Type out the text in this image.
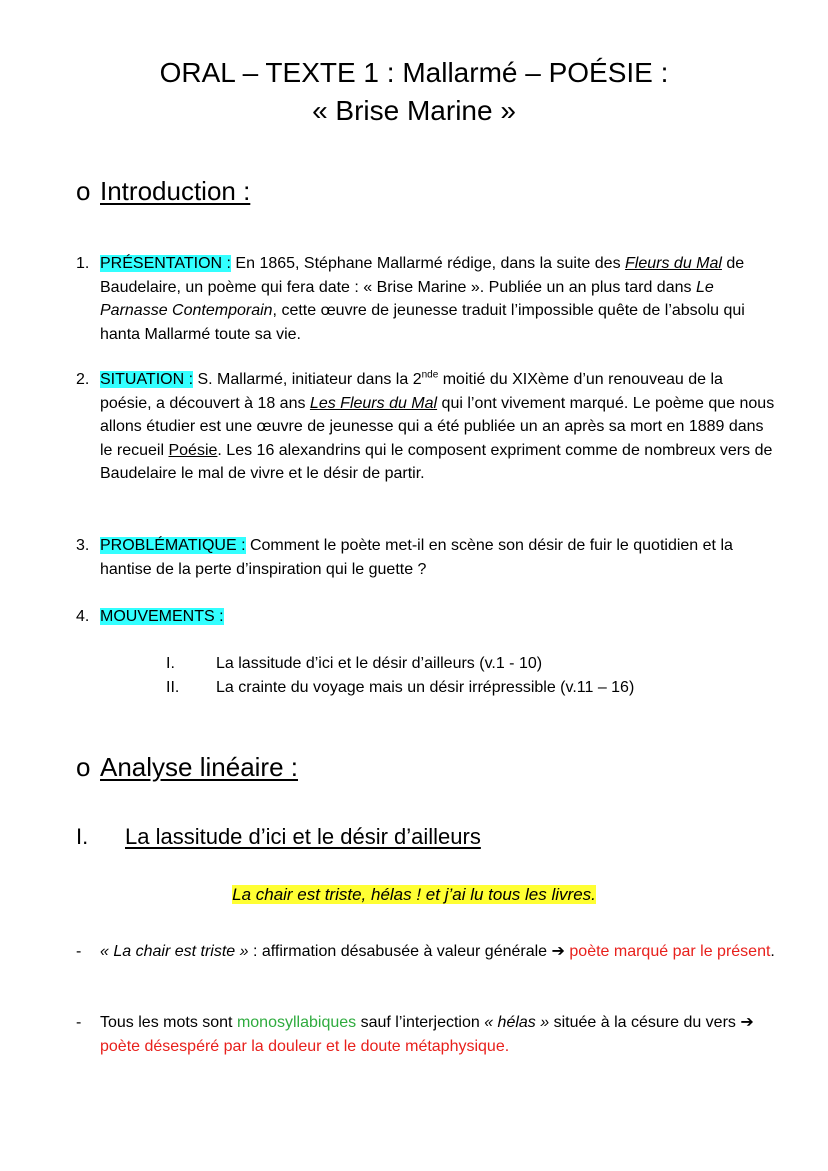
ORAL – TEXTE 1 : Mallarmé – POÉSIE :
« Brise Marine »
o Introduction :
1. PRÉSENTATION : En 1865, Stéphane Mallarmé rédige, dans la suite des Fleurs du Mal de Baudelaire, un poème qui fera date : « Brise Marine ». Publiée un an plus tard dans Le Parnasse Contemporain, cette œuvre de jeunesse traduit l’impossible quête de l’absolu qui hanta Mallarmé toute sa vie.
2. SITUATION : S. Mallarmé, initiateur dans la 2nde moitié du XIXème d’un renouveau de la poésie, a découvert à 18 ans Les Fleurs du Mal qui l’ont vivement marqué. Le poème que nous allons étudier est une œuvre de jeunesse qui a été publiée un an après sa mort en 1889 dans le recueil Poésie. Les 16 alexandrins qui le composent expriment comme de nombreux vers de Baudelaire le mal de vivre et le désir de partir.
3. PROBLÉMATIQUE : Comment le poète met-il en scène son désir de fuir le quotidien et la hantise de la perte d’inspiration qui le guette ?
4. MOUVEMENTS :
I.	La lassitude d’ici et le désir d’ailleurs (v.1 - 10)
II.	La crainte du voyage mais un désir irrépressible (v.11 – 16)
o Analyse linéaire :
I. La lassitude d’ici et le désir d’ailleurs
La chair est triste, hélas ! et j’ai lu tous les livres.
- « La chair est triste » : affirmation désabusée à valeur générale ➔ poète marqué par le présent.
- Tous les mots sont monosyllabiques sauf l’interjection « hélas » située à la césure du vers ➔ poète désespéré par la douleur et le doute métaphysique.
